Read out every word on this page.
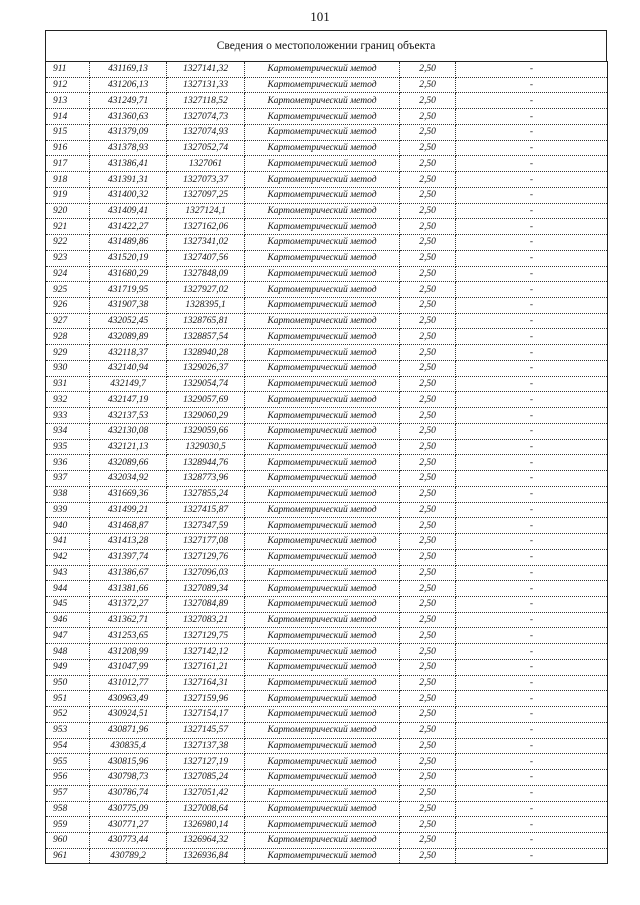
101
Сведения о местоположении границ объекта
911	431169,13	1327141,32	Картометрический метод	2,50	-
912	431206,13	1327131,33	Картометрический метод	2,50	-
913	431249,71	1327118,52	Картометрический метод	2,50	-
914	431360,63	1327074,73	Картометрический метод	2,50	-
915	431379,09	1327074,93	Картометрический метод	2,50	-
916	431378,93	1327052,74	Картометрический метод	2,50	-
917	431386,41	1327061	Картометрический метод	2,50	-
918	431391,31	1327073,37	Картометрический метод	2,50	-
919	431400,32	1327097,25	Картометрический метод	2,50	-
920	431409,41	1327124,1	Картометрический метод	2,50	-
921	431422,27	1327162,06	Картометрический метод	2,50	-
922	431489,86	1327341,02	Картометрический метод	2,50	-
923	431520,19	1327407,56	Картометрический метод	2,50	-
924	431680,29	1327848,09	Картометрический метод	2,50	-
925	431719,95	1327927,02	Картометрический метод	2,50	-
926	431907,38	1328395,1	Картометрический метод	2,50	-
927	432052,45	1328765,81	Картометрический метод	2,50	-
928	432089,89	1328857,54	Картометрический метод	2,50	-
929	432118,37	1328940,28	Картометрический метод	2,50	-
930	432140,94	1329026,37	Картометрический метод	2,50	-
931	432149,7	1329054,74	Картометрический метод	2,50	-
932	432147,19	1329057,69	Картометрический метод	2,50	-
933	432137,53	1329060,29	Картометрический метод	2,50	-
934	432130,08	1329059,66	Картометрический метод	2,50	-
935	432121,13	1329030,5	Картометрический метод	2,50	-
936	432089,66	1328944,76	Картометрический метод	2,50	-
937	432034,92	1328773,96	Картометрический метод	2,50	-
938	431669,36	1327855,24	Картометрический метод	2,50	-
939	431499,21	1327415,87	Картометрический метод	2,50	-
940	431468,87	1327347,59	Картометрический метод	2,50	-
941	431413,28	1327177,08	Картометрический метод	2,50	-
942	431397,74	1327129,76	Картометрический метод	2,50	-
943	431386,67	1327096,03	Картометрический метод	2,50	-
944	431381,66	1327089,34	Картометрический метод	2,50	-
945	431372,27	1327084,89	Картометрический метод	2,50	-
946	431362,71	1327083,21	Картометрический метод	2,50	-
947	431253,65	1327129,75	Картометрический метод	2,50	-
948	431208,99	1327142,12	Картометрический метод	2,50	-
949	431047,99	1327161,21	Картометрический метод	2,50	-
950	431012,77	1327164,31	Картометрический метод	2,50	-
951	430963,49	1327159,96	Картометрический метод	2,50	-
952	430924,51	1327154,17	Картометрический метод	2,50	-
953	430871,96	1327145,57	Картометрический метод	2,50	-
954	430835,4	1327137,38	Картометрический метод	2,50	-
955	430815,96	1327127,19	Картометрический метод	2,50	-
956	430798,73	1327085,24	Картометрический метод	2,50	-
957	430786,74	1327051,42	Картометрический метод	2,50	-
958	430775,09	1327008,64	Картометрический метод	2,50	-
959	430771,27	1326980,14	Картометрический метод	2,50	-
960	430773,44	1326964,32	Картометрический метод	2,50	-
961	430789,2	1326936,84	Картометрический метод	2,50	-
